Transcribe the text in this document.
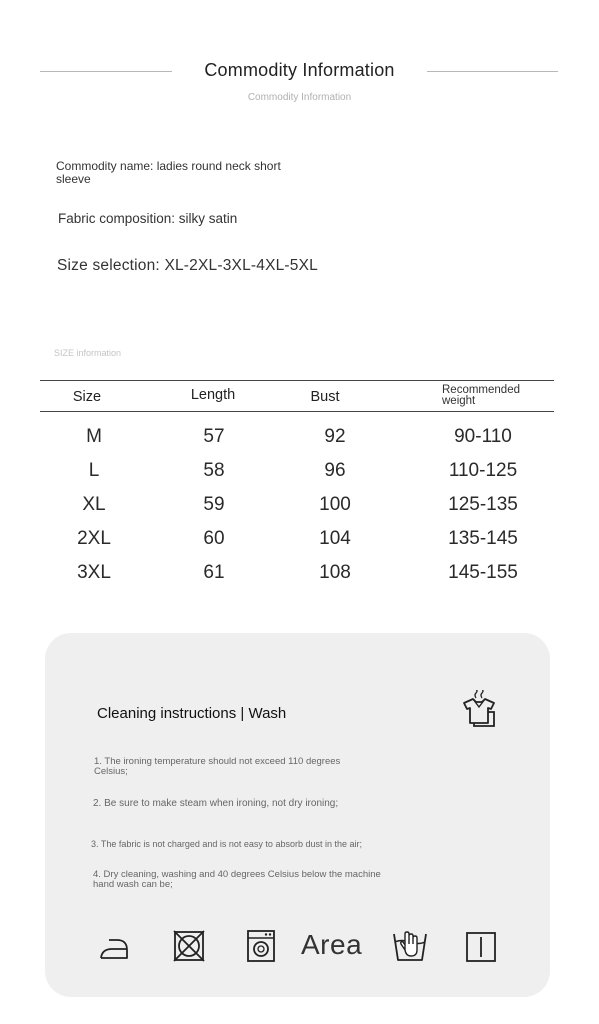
Commodity Information
Commodity Information
Commodity name: ladies round neck short sleeve
Fabric composition: silky satin
Size selection: XL-2XL-3XL-4XL-5XL
SIZE information
Size	Length	Bust	Recommended
weight
M	57	92	90-110
L	58	96	110-125
XL	59	100	125-135
2XL	60	104	135-145
3XL	61	108	145-155
Cleaning instructions | Wash
1. The ironing temperature should not exceed 110 degrees Celsius;
2. Be sure to make steam when ironing, not dry ironing;
3. The fabric is not charged and is not easy to absorb dust in the air;
4. Dry cleaning, washing and 40 degrees Celsius below the machine hand wash can be;
Area
